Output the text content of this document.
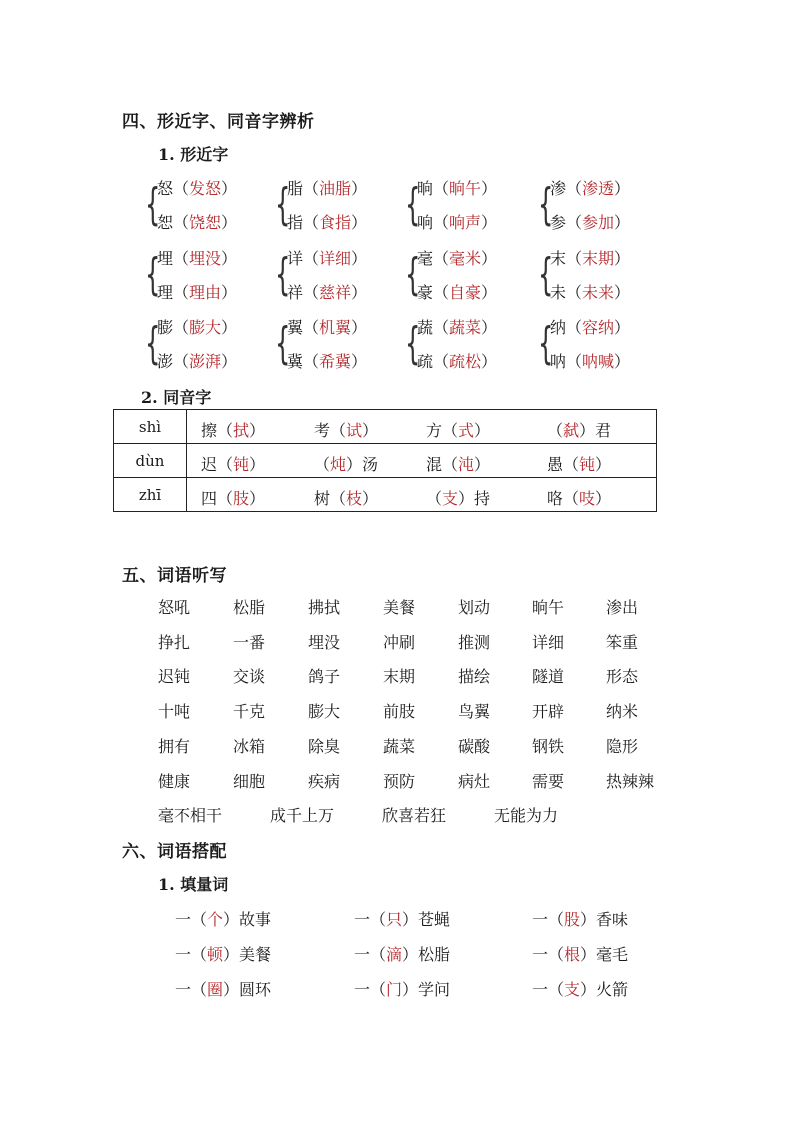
四、形近字、同音字辨析
1. 形近字
{
怒（发怒）
恕（饶恕） {
脂（油脂）
指（食指） {
晌（晌午）
响（响声） {
渗（渗透）
参（参加）
{
埋（埋没）
理（理由） {
详（详细）
祥（慈祥） {
毫（毫米）
豪（自豪） {
末（末期）
未（未来）
{
膨（膨大）
澎（澎湃） {
翼（机翼）
冀（希冀） {
蔬（蔬菜）
疏（疏松） {
纳（容纳）
呐（呐喊）
2. 同音字
shì	擦（拭） 考（试） 方（式） （弑）君

dùn	迟（钝） （炖）汤 混（沌） 愚（钝）

zhī	四（肢） 树（枝） （支）持 咯（吱）
五、词语听写
怒吼	松脂	拂拭	美餐	划动	晌午	渗出
挣扎	一番	埋没	冲刷	推测	详细	笨重
迟钝	交谈	鸽子	末期	描绘	隧道	形态
十吨	千克	膨大	前肢	鸟翼	开辟	纳米
拥有	冰箱	除臭	蔬菜	碳酸	钢铁	隐形
健康	细胞	疾病	预防	病灶	需要	热辣辣
毫不相干	成千上万	欣喜若狂	无能为力
六、词语搭配
1. 填量词
一（个）故事	一（只）苍蝇	一（股）香味
一（顿）美餐	一（滴）松脂	一（根）毫毛
一（圈）圆环	一（门）学问	一（支）火箭
